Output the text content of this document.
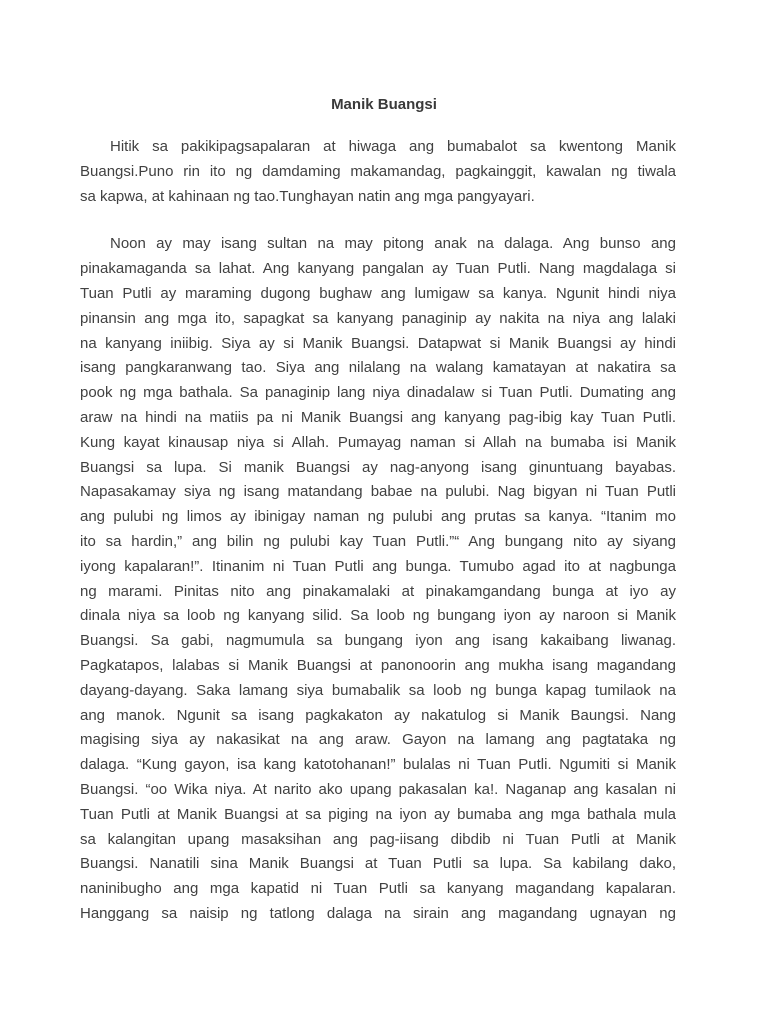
Manik Buangsi
Hitik sa pakikipagsapalaran at hiwaga ang bumabalot sa kwentong Manik
Buangsi.Puno rin ito ng damdaming makamandag, pagkainggit, kawalan ng tiwala
sa kapwa, at kahinaan ng tao.Tunghayan natin ang mga pangyayari.
Noon ay may isang sultan na may pitong anak na dalaga. Ang bunso ang
pinakamaganda sa lahat. Ang kanyang pangalan ay Tuan Putli. Nang magdalaga si
Tuan Putli ay maraming dugong bughaw ang lumigaw sa kanya. Ngunit hindi niya
pinansin ang mga ito, sapagkat sa kanyang panaginip ay nakita na niya ang lalaki
na kanyang iniibig. Siya ay si Manik Buangsi. Datapwat si Manik Buangsi ay hindi
isang pangkaranwang tao. Siya ang nilalang na walang kamatayan at nakatira sa
pook ng mga bathala. Sa panaginip lang niya dinadalaw si Tuan Putli. Dumating ang
araw na hindi na matiis pa ni Manik Buangsi ang kanyang pag-ibig kay Tuan Putli.
Kung kayat kinausap niya si Allah. Pumayag naman si Allah na bumaba isi Manik
Buangsi sa lupa. Si manik Buangsi ay nag-anyong isang ginuntuang bayabas.
Napasakamay siya ng isang matandang babae na pulubi. Nag bigyan ni Tuan Putli
ang pulubi ng limos ay ibinigay naman ng pulubi ang prutas sa kanya. “Itanim mo
ito sa hardin,” ang bilin ng pulubi kay Tuan Putli.”“ Ang bungang nito ay siyang
iyong kapalaran!”. Itinanim ni Tuan Putli ang bunga. Tumubo agad ito at nagbunga
ng marami. Pinitas nito ang pinakamalaki at pinakamgandang bunga at iyo ay
dinala niya sa loob ng kanyang silid. Sa loob ng bungang iyon ay naroon si Manik
Buangsi. Sa gabi, nagmumula sa bungang iyon ang isang kakaibang liwanag.
Pagkatapos, lalabas si Manik Buangsi at panonoorin ang mukha isang magandang
dayang-dayang. Saka lamang siya bumabalik sa loob ng bunga kapag tumilaok na
ang manok. Ngunit sa isang pagkakaton ay nakatulog si Manik Baungsi. Nang
magising siya ay nakasikat na ang araw. Gayon na lamang ang pagtataka ng
dalaga. “Kung gayon, isa kang katotohanan!” bulalas ni Tuan Putli. Ngumiti si Manik
Buangsi. “oo Wika niya. At narito ako upang pakasalan ka!. Naganap ang kasalan ni
Tuan Putli at Manik Buangsi at sa piging na iyon ay bumaba ang mga bathala mula
sa kalangitan upang masaksihan ang pag-iisang dibdib ni Tuan Putli at Manik
Buangsi. Nanatili sina Manik Buangsi at Tuan Putli sa lupa. Sa kabilang dako,
naninibugho ang mga kapatid ni Tuan Putli sa kanyang magandang kapalaran.
Hanggang sa naisip ng tatlong dalaga na sirain ang magandang ugnayan ng
